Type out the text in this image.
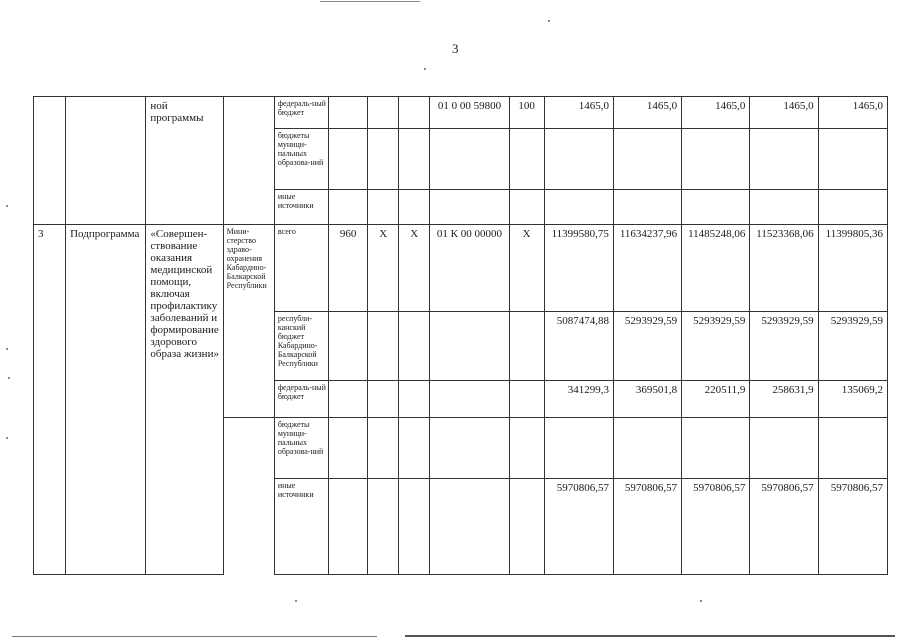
3
		ной программы		федераль-ный бюджет				01 0 00 59800	100	1465,0	1465,0	1465,0	1465,0	1465,0
				бюджеты муници-пальных образова-ний										
				иные источники										
3	Подпрограмма	«Совершен-ствование оказания медицинской помощи, включая профилактику заболеваний и формирование здорового образа жизни»	Мини-стерство здраво-охранения Кабардино-Балкарской Республики	всего	960	Х	Х	01 К 00 00000	Х	11399580,75	11634237,96	11485248,06	11523368,06	11399805,36
				республи-канский бюджет Кабардино-Балкарской Республики						5087474,88	5293929,59	5293929,59	5293929,59	5293929,59
				федераль-ный бюджет						341299,3	369501,8	220511,9	258631,9	135069,2
				бюджеты муници-пальных образова-ний										
				иные источники						5970806,57	5970806,57	5970806,57	5970806,57	5970806,57
